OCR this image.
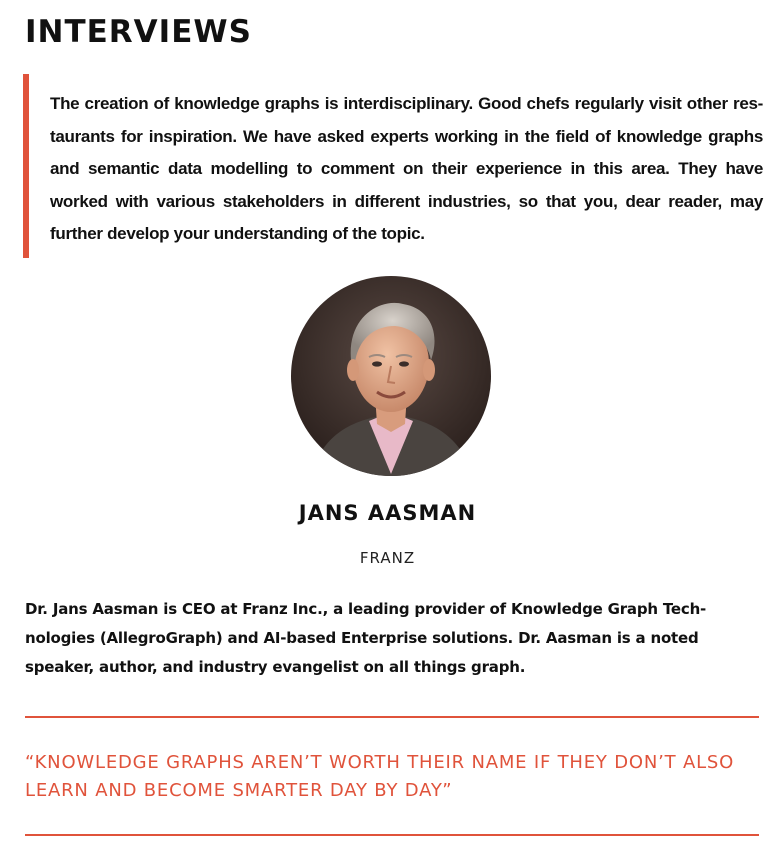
INTERVIEWS

The creation of knowledge graphs is interdisciplinary. Good chefs regularly visit other res-taurants for inspiration. We have asked experts working in the field of knowledge graphs and semantic data modelling to comment on their experience in this area. They have worked with various stakeholders in different industries, so that you, dear reader, may further develop your understanding of the topic.

JANS AASMAN

FRANZ

Dr. Jans Aasman is CEO at Franz Inc., a leading provider of Knowledge Graph Tech-nologies (AllegroGraph) and AI-based Enterprise solutions. Dr. Aasman is a noted speaker, author, and industry evangelist on all things graph.

“KNOWLEDGE GRAPHS AREN’T WORTH THEIR NAME IF THEY DON’T ALSO LEARN AND BECOME SMARTER DAY BY DAY”
